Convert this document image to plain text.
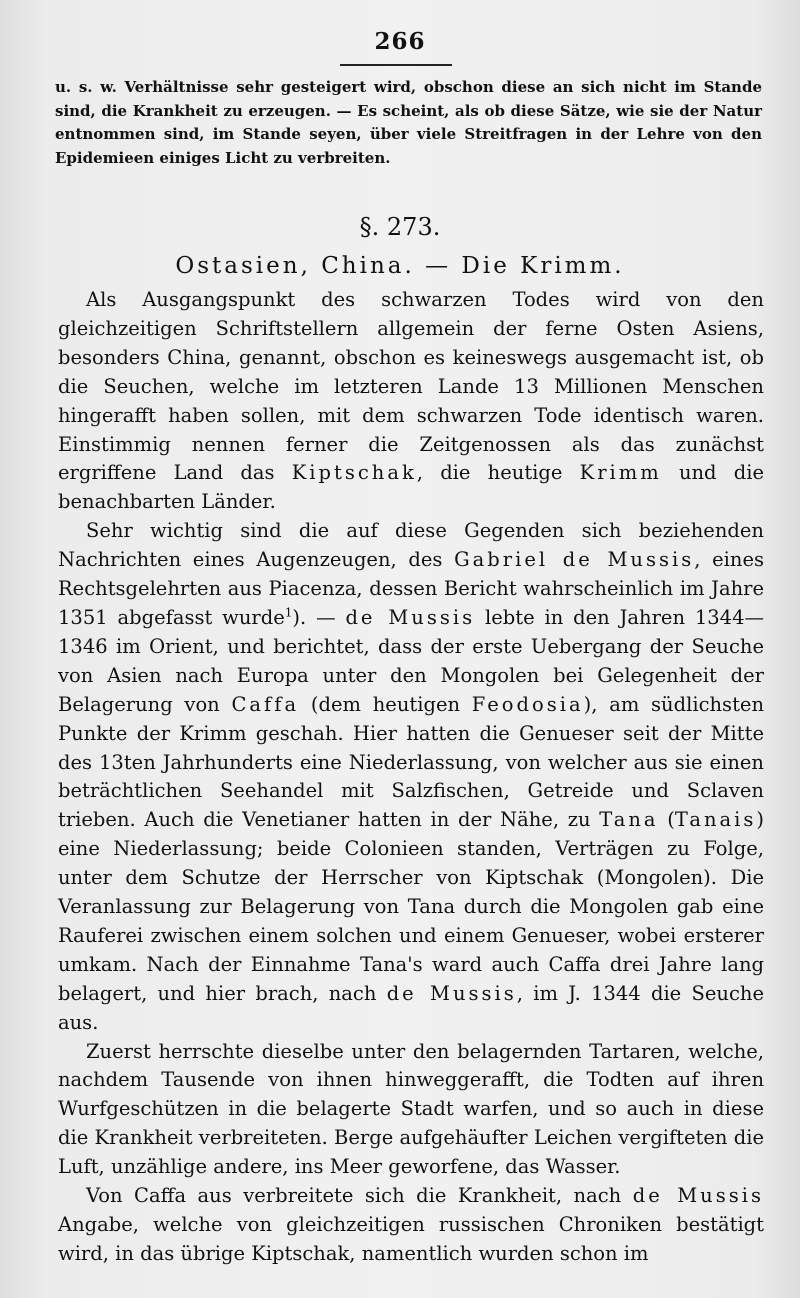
266
u. s. w. Verhältnisse sehr gesteigert wird, obschon diese an sich nicht im Stande sind, die Krankheit zu erzeugen. — Es scheint, als ob diese Sätze, wie sie der Natur entnommen sind, im Stande seyen, über viele Streitfragen in der Lehre von den Epidemieen einiges Licht zu verbreiten.
§. 273.
Ostasien, China. — Die Krimm.

Als Ausgangspunkt des schwarzen Todes wird von den gleichzeitigen Schriftstellern allgemein der ferne Osten Asiens, besonders China, genannt, obschon es keineswegs ausgemacht ist, ob die Seuchen, welche im letzteren Lande 13 Millionen Menschen hingerafft haben sollen, mit dem schwarzen Tode identisch waren. Einstimmig nennen ferner die Zeitgenossen als das zunächst ergriffene Land das Kiptschak, die heutige Krimm und die benachbarten Länder.

Sehr wichtig sind die auf diese Gegenden sich beziehenden Nachrichten eines Augenzeugen, des Gabriel de Mussis, eines Rechtsgelehrten aus Piacenza, dessen Bericht wahrscheinlich im Jahre 1351 abgefasst wurde$^1$). — de Mussis lebte in den Jahren 1344—1346 im Orient, und berichtet, dass der erste Uebergang der Seuche von Asien nach Europa unter den Mongolen bei Gelegenheit der Belagerung von Caffa (dem heutigen Feodosia), am südlichsten Punkte der Krimm geschah. Hier hatten die Genueser seit der Mitte des 13ten Jahrhunderts eine Niederlassung, von welcher aus sie einen beträchtlichen Seehandel mit Salzfischen, Getreide und Sclaven trieben. Auch die Venetianer hatten in der Nähe, zu Tana (Tanais) eine Niederlassung; beide Colonieen standen, Verträgen zu Folge, unter dem Schutze der Herrscher von Kiptschak (Mongolen). Die Veranlassung zur Belagerung von Tana durch die Mongolen gab eine Rauferei zwischen einem solchen und einem Genueser, wobei ersterer umkam. Nach der Einnahme Tana's ward auch Caffa drei Jahre lang belagert, und hier brach, nach de Mussis, im J. 1344 die Seuche aus.

Zuerst herrschte dieselbe unter den belagernden Tartaren, welche, nachdem Tausende von ihnen hinweggerafft, die Todten auf ihren Wurfgeschützen in die belagerte Stadt warfen, und so auch in diese die Krankheit verbreiteten. Berge aufgehäufter Leichen vergifteten die Luft, unzählige andere, ins Meer geworfene, das Wasser.

Von Caffa aus verbreitete sich die Krankheit, nach de Mussis Angabe, welche von gleichzeitigen russischen Chroniken bestätigt wird, in das übrige Kiptschak, namentlich wurden schon im
